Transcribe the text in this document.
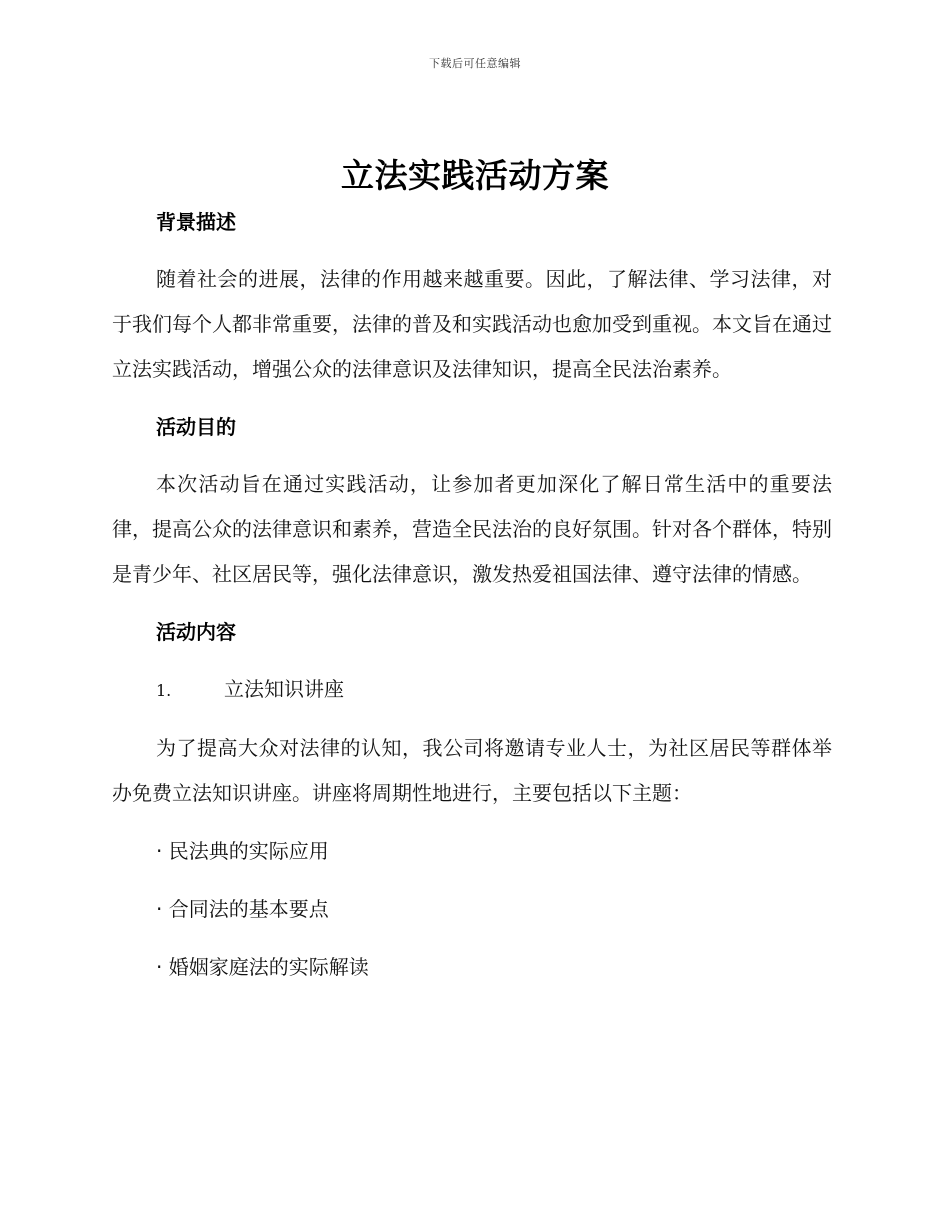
下载后可任意编辑
立法实践活动方案
背景描述

随着社会的进展，法律的作用越来越重要。因此，了解法律、学习法律，对于我们每个人都非常重要，法律的普及和实践活动也愈加受到重视。本文旨在通过立法实践活动，增强公众的法律意识及法律知识，提高全民法治素养。

活动目的

本次活动旨在通过实践活动，让参加者更加深化了解日常生活中的重要法律，提高公众的法律意识和素养，营造全民法治的良好氛围。针对各个群体，特别是青少年、社区居民等，强化法律意识，激发热爱祖国法律、遵守法律的情感。

活动内容
1.	立法知识讲座

为了提高大众对法律的认知，我公司将邀请专业人士，为社区居民等群体举办免费立法知识讲座。讲座将周期性地进行，主要包括以下主题：

· 民法典的实际应用
· 合同法的基本要点
· 婚姻家庭法的实际解读
